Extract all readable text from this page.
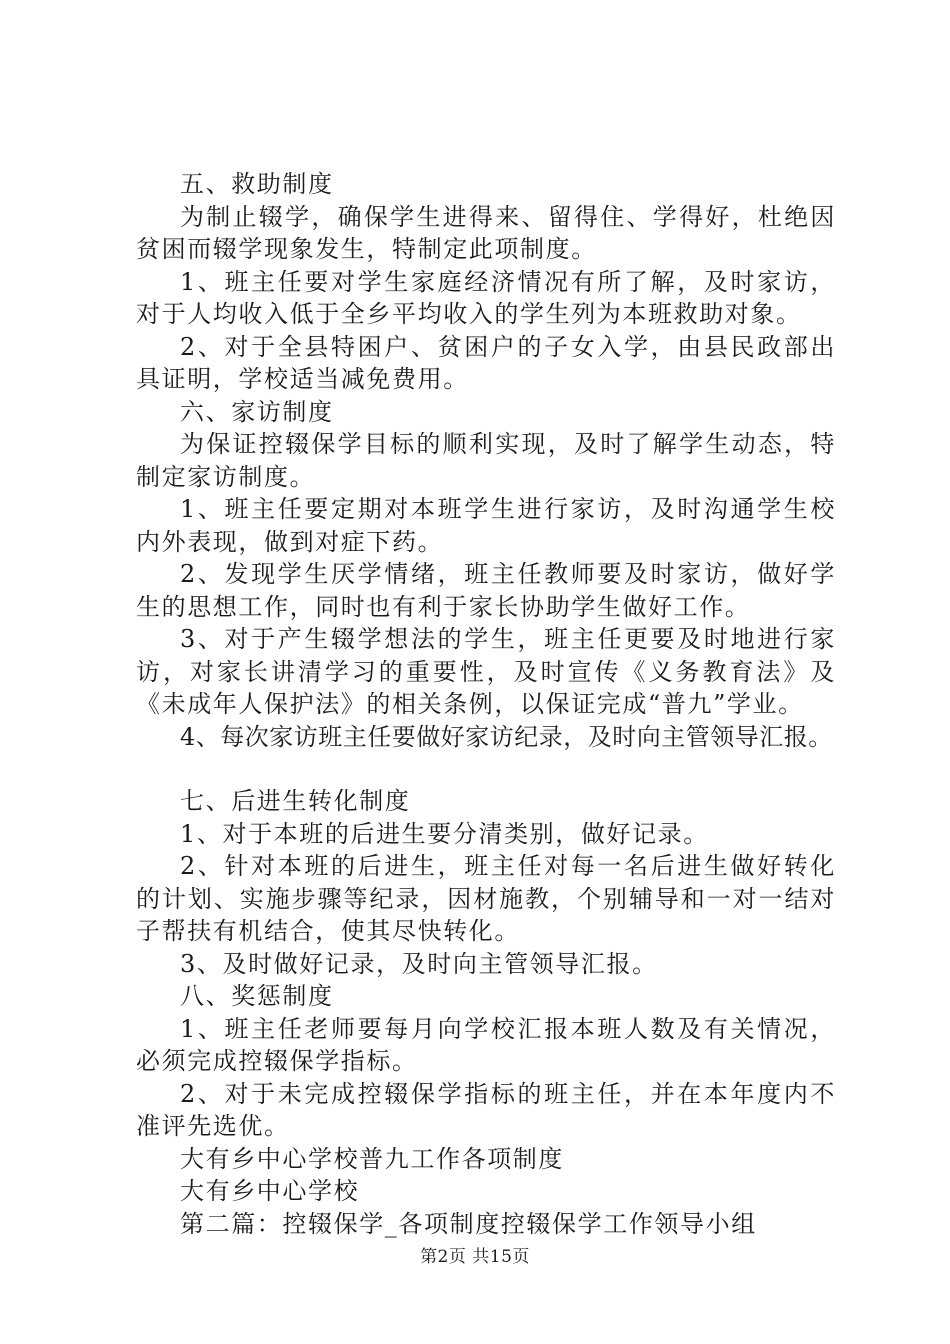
五、救助制度

为制止辍学，确保学生进得来、留得住、学得好，杜绝因贫困而辍学现象发生，特制定此项制度。

1、班主任要对学生家庭经济情况有所了解，及时家访，对于人均收入低于全乡平均收入的学生列为本班救助对象。

2、对于全县特困户、贫困户的子女入学，由县民政部出具证明，学校适当减免费用。

六、家访制度

为保证控辍保学目标的顺利实现，及时了解学生动态，特制定家访制度。

1、班主任要定期对本班学生进行家访，及时沟通学生校内外表现，做到对症下药。

2、发现学生厌学情绪，班主任教师要及时家访，做好学生的思想工作，同时也有利于家长协助学生做好工作。

3、对于产生辍学想法的学生，班主任更要及时地进行家访，对家长讲清学习的重要性，及时宣传《义务教育法》及《未成年人保护法》的相关条例，以保证完成“普九”学业。

4、每次家访班主任要做好家访纪录，及时向主管领导汇报。

七、后进生转化制度

1、对于本班的后进生要分清类别，做好记录。

2、针对本班的后进生，班主任对每一名后进生做好转化的计划、实施步骤等纪录，因材施教，个别辅导和一对一结对子帮扶有机结合，使其尽快转化。

3、及时做好记录，及时向主管领导汇报。

八、奖惩制度

1、班主任老师要每月向学校汇报本班人数及有关情况，必须完成控辍保学指标。

2、对于未完成控辍保学指标的班主任，并在本年度内不准评先选优。

大有乡中心学校普九工作各项制度

大有乡中心学校

第二篇：控辍保学_各项制度控辍保学工作领导小组

第2页 共15页
